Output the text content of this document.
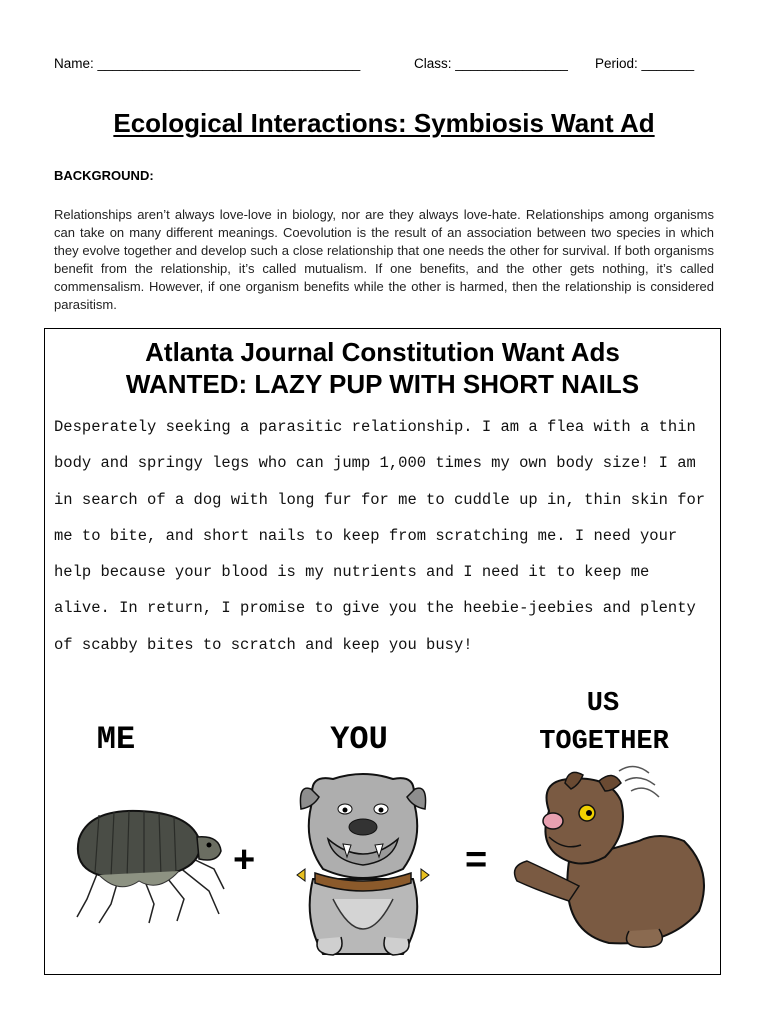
Name: ___________________________________

	Class: _______________

Period: _______

Ecological Interactions: Symbiosis Want Ad
BACKGROUND:
Relationships aren’t always love-love in biology, nor are they always love-hate. Relationships among organisms can take on many different meanings. Coevolution is the result of an association between two species in which they evolve together and develop such a close relationship that one needs the other for survival. If both organisms benefit from the relationship, it’s called mutualism. If one benefits, and the other gets nothing, it’s called commensalism. However, if one organism benefits while the other is harmed, then the relationship is considered parasitism.
Atlanta Journal Constitution Want Ads
WANTED: LAZY PUP WITH SHORT NAILS
Desperately seeking a parasitic relationship. I am a flea with a thin body and springy legs who can jump 1,000 times my own body size! I am in search of a dog with long fur for me to cuddle up in, thin skin for me to bite, and short nails to keep from scratching me. I need your help because your blood is my nutrients and I need it to keep me alive. In return, I promise to give you the heebie-jeebies and plenty of scabby bites to scratch and keep you busy!
ME	YOU
US
TOGETHER
+	=
